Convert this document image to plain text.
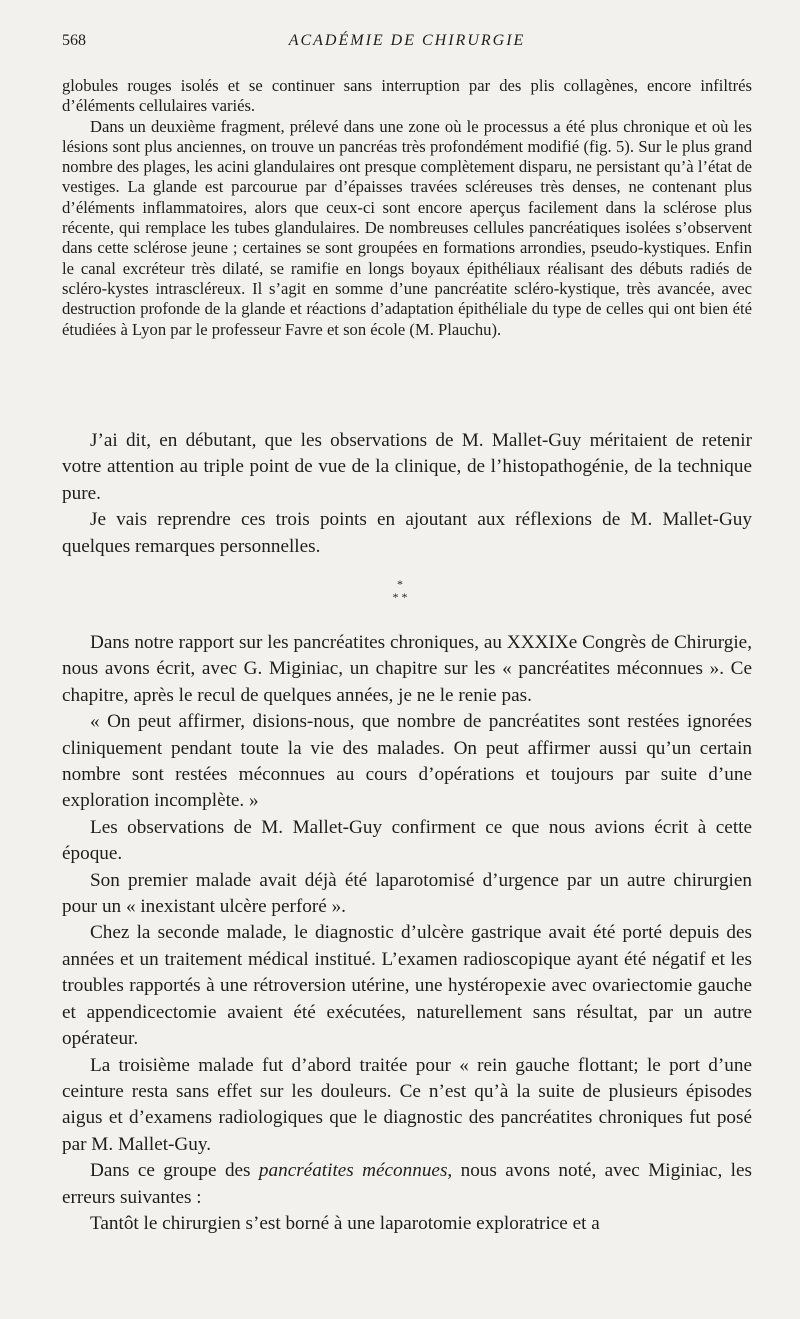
568	ACADÉMIE DE CHIRURGIE

globules rouges isolés et se continuer sans interruption par des plis collagènes, encore infiltrés d’éléments cellulaires variés.

Dans un deuxième fragment, prélevé dans une zone où le processus a été plus chronique et où les lésions sont plus anciennes, on trouve un pancréas très profondément modifié (fig. 5). Sur le plus grand nombre des plages, les acini glandulaires ont presque complètement disparu, ne persistant qu’à l’état de vestiges. La glande est parcourue par d’épaisses travées scléreuses très denses, ne contenant plus d’éléments inflammatoires, alors que ceux-ci sont encore aperçus facilement dans la sclérose plus récente, qui remplace les tubes glandulaires. De nombreuses cellules pancréatiques isolées s’observent dans cette sclérose jeune ; certaines se sont groupées en formations arrondies, pseudo-kystiques. Enfin le canal excréteur très dilaté, se ramifie en longs boyaux épithéliaux réalisant des débuts radiés de scléro-kystes intrascléreux. Il s’agit en somme d’une pancréatite scléro-kystique, très avancée, avec destruction profonde de la glande et réactions d’adaptation épithéliale du type de celles qui ont bien été étudiées à Lyon par le professeur Favre et son école (M. Plauchu).

J’ai dit, en débutant, que les observations de M. Mallet-Guy méritaient de retenir votre attention au triple point de vue de la clinique, de l’histopathogénie, de la technique pure.

Je vais reprendre ces trois points en ajoutant aux réflexions de M. Mallet-Guy quelques remarques personnelles.

*
* *

Dans notre rapport sur les pancréatites chroniques, au XXXIXe Congrès de Chirurgie, nous avons écrit, avec G. Miginiac, un chapitre sur les « pancréatites méconnues ». Ce chapitre, après le recul de quelques années, je ne le renie pas.

« On peut affirmer, disions-nous, que nombre de pancréatites sont restées ignorées cliniquement pendant toute la vie des malades. On peut affirmer aussi qu’un certain nombre sont restées méconnues au cours d’opérations et toujours par suite d’une exploration incomplète. »

Les observations de M. Mallet-Guy confirment ce que nous avions écrit à cette époque.

Son premier malade avait déjà été laparotomisé d’urgence par un autre chirurgien pour un « inexistant ulcère perforé ».

Chez la seconde malade, le diagnostic d’ulcère gastrique avait été porté depuis des années et un traitement médical institué. L’examen radioscopique ayant été négatif et les troubles rapportés à une rétroversion utérine, une hystéropexie avec ovariectomie gauche et appendicectomie avaient été exécutées, naturellement sans résultat, par un autre opérateur.

La troisième malade fut d’abord traitée pour « rein gauche flottant; le port d’une ceinture resta sans effet sur les douleurs. Ce n’est qu’à la suite de plusieurs épisodes aigus et d’examens radiologiques que le diagnostic des pancréatites chroniques fut posé par M. Mallet-Guy.

Dans ce groupe des pancréatites méconnues, nous avons noté, avec Miginiac, les erreurs suivantes :

Tantôt le chirurgien s’est borné à une laparotomie exploratrice et a
